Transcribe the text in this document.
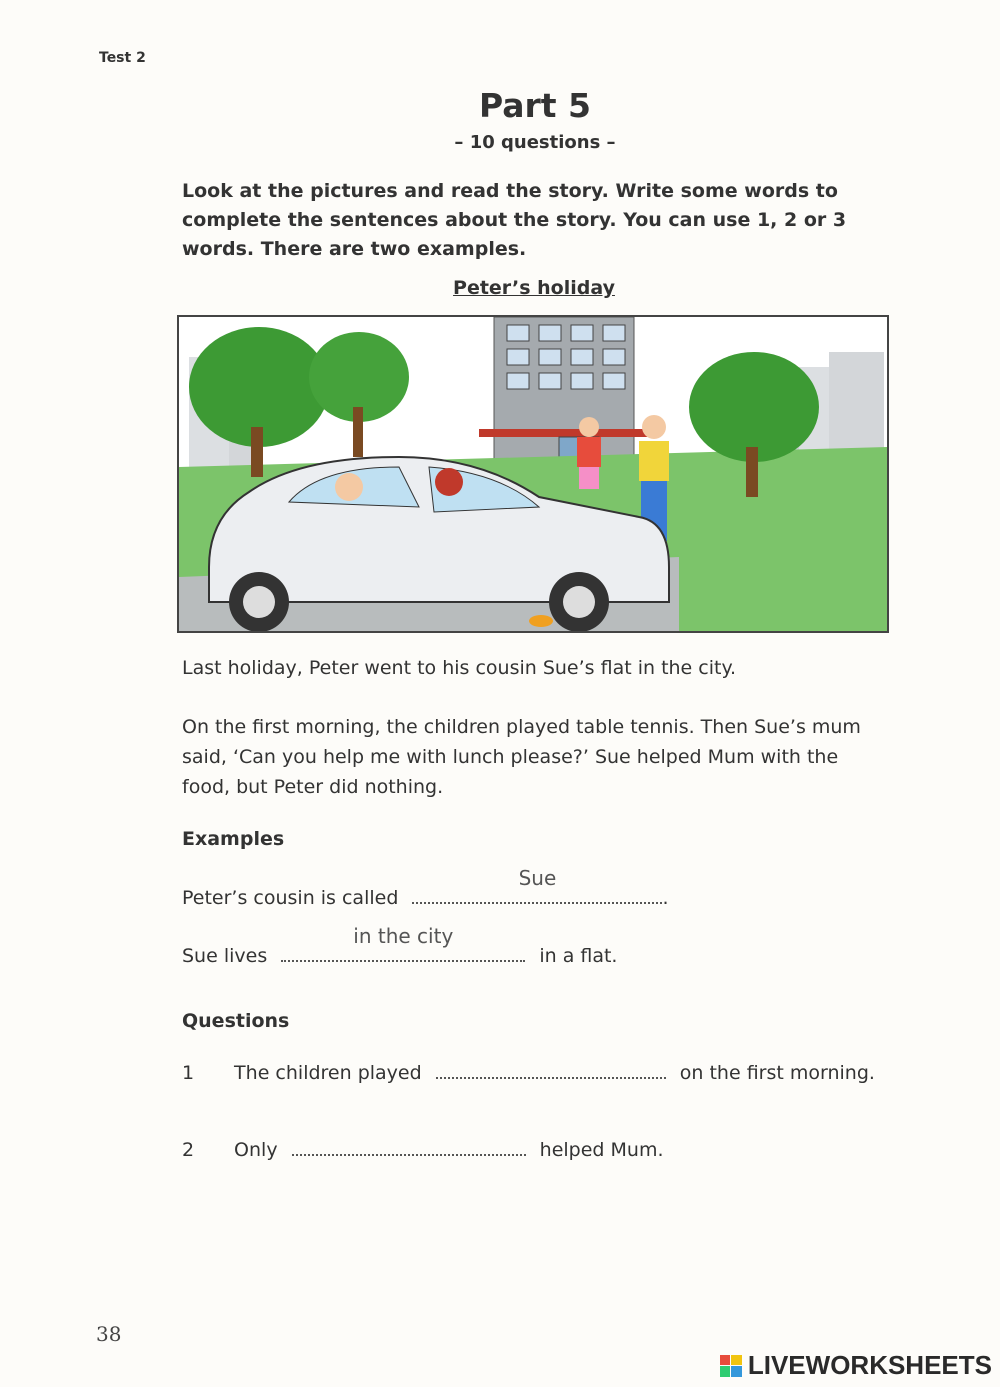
Test 2
Part 5
– 10 questions –
Look at the pictures and read the story. Write some words to complete the sentences about the story. You can use 1, 2 or 3 words. There are two examples.
Peter’s holiday
Last holiday, Peter went to his cousin Sue’s flat in the city.
On the first morning, the children played table tennis. Then Sue’s mum said, ‘Can you help me with lunch please?’ Sue helped Mum with the food, but Peter did nothing.
Examples
Peter’s cousin is called
Sue
.
Sue lives
in the city
in a flat.
Questions
1 The children played	on the first morning.
2 Only	helped Mum.
38
LIVEWORKSHEETS
